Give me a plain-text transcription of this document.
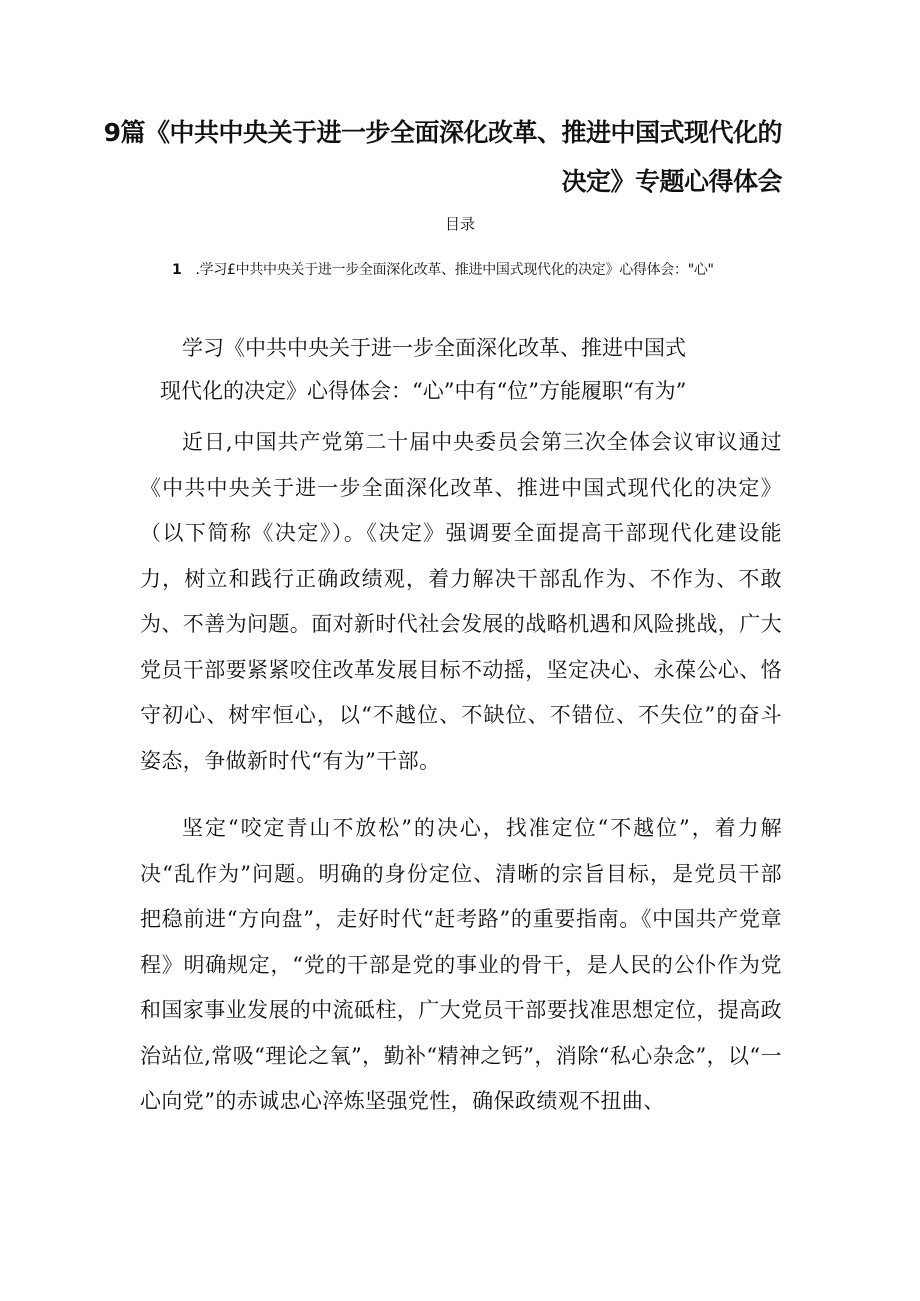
9篇《中共中央关于进一步全面深化改革、推进中国式现代化的
决定》专题心得体会

目录

1 .学习£中共中央关于进一步全面深化改革、推进中国式现代化的决定》心得体会："心"

学习《中共中央关于进一步全面深化改革、推进中国式

现代化的决定》心得体会：“心”中有“位”方能履职“有为”

近日,中国共产党第二十届中央委员会第三次全体会议审议通过《中共中央关于进一步全面深化改革、推进中国式现代化的决定》（以下简称《决定》）。《决定》强调要全面提高干部现代化建设能力，树立和践行正确政绩观，着力解决干部乱作为、不作为、不敢为、不善为问题。面对新时代社会发展的战略机遇和风险挑战，广大党员干部要紧紧咬住改革发展目标不动摇，坚定决心、永葆公心、恪守初心、树牢恒心，以“不越位、不缺位、不错位、不失位”的奋斗姿态，争做新时代“有为”干部。

坚定“咬定青山不放松”的决心，找准定位“不越位”，着力解决“乱作为”问题。明确的身份定位、清晰的宗旨目标，是党员干部把稳前进“方向盘”，走好时代“赶考路”的重要指南。《中国共产党章程》明确规定，“党的干部是党的事业的骨干，是人民的公仆作为党和国家事业发展的中流砥柱，广大党员干部要找准思想定位，提高政治站位,常吸“理论之氧”，勤补“精神之钙”，消除“私心杂念”，以“一心向党”的赤诚忠心淬炼坚强党性，确保政绩观不扭曲、
